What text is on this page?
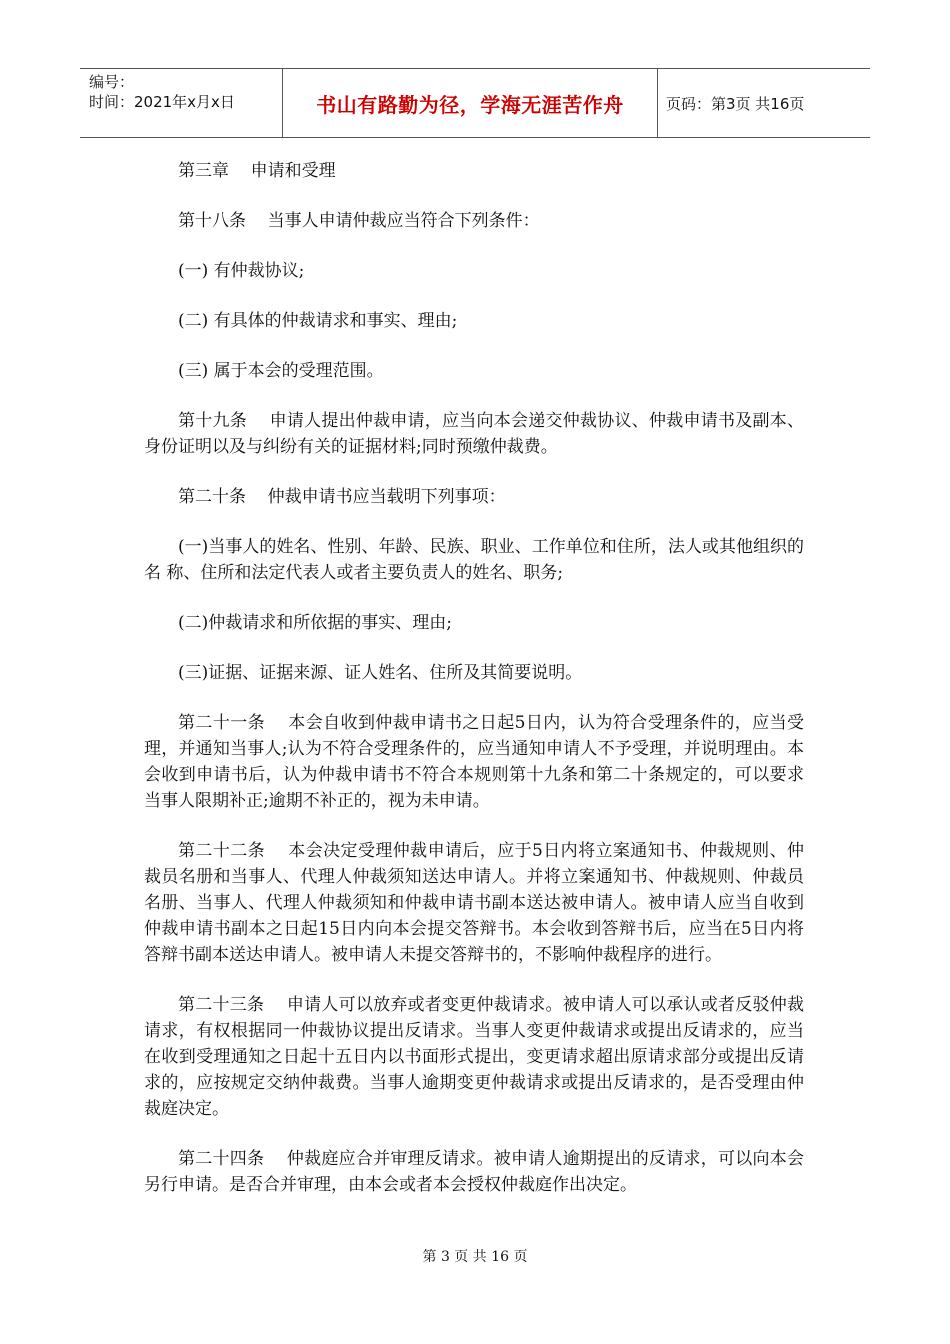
编号：
时间：2021年x月x日	书山有路勤为径，学海无涯苦作舟	页码：第3页 共16页

第三章    申请和受理

第十八条    当事人申请仲裁应当符合下列条件：

(一) 有仲裁协议;

(二) 有具体的仲裁请求和事实、理由;

(三) 属于本会的受理范围。

第十九条    申请人提出仲裁申请，应当向本会递交仲裁协议、仲裁申请书及副本、身份证明以及与纠纷有关的证据材料;同时预缴仲裁费。

第二十条    仲裁申请书应当载明下列事项：

(一)当事人的姓名、性别、年龄、民族、职业、工作单位和住所，法人或其他组织的名 称、住所和法定代表人或者主要负责人的姓名、职务;

(二)仲裁请求和所依据的事实、理由;

(三)证据、证据来源、证人姓名、住所及其简要说明。

第二十一条    本会自收到仲裁申请书之日起5日内，认为符合受理条件的，应当受理，并通知当事人;认为不符合受理条件的，应当通知申请人不予受理，并说明理由。本会收到申请书后，认为仲裁申请书不符合本规则第十九条和第二十条规定的，可以要求当事人限期补正;逾期不补正的，视为未申请。

第二十二条    本会决定受理仲裁申请后，应于5日内将立案通知书、仲裁规则、仲裁员名册和当事人、代理人仲裁须知送达申请人。并将立案通知书、仲裁规则、仲裁员名册、当事人、代理人仲裁须知和仲裁申请书副本送达被申请人。被申请人应当自收到仲裁申请书副本之日起15日内向本会提交答辩书。本会收到答辩书后，应当在5日内将答辩书副本送达申请人。被申请人未提交答辩书的，不影响仲裁程序的进行。

第二十三条    申请人可以放弃或者变更仲裁请求。被申请人可以承认或者反驳仲裁请求，有权根据同一仲裁协议提出反请求。当事人变更仲裁请求或提出反请求的，应当在收到受理通知之日起十五日内以书面形式提出，变更请求超出原请求部分或提出反请求的，应按规定交纳仲裁费。当事人逾期变更仲裁请求或提出反请求的，是否受理由仲裁庭决定。

第二十四条    仲裁庭应合并审理反请求。被申请人逾期提出的反请求，可以向本会另行申请。是否合并审理，由本会或者本会授权仲裁庭作出决定。

第 3 页 共 16 页
